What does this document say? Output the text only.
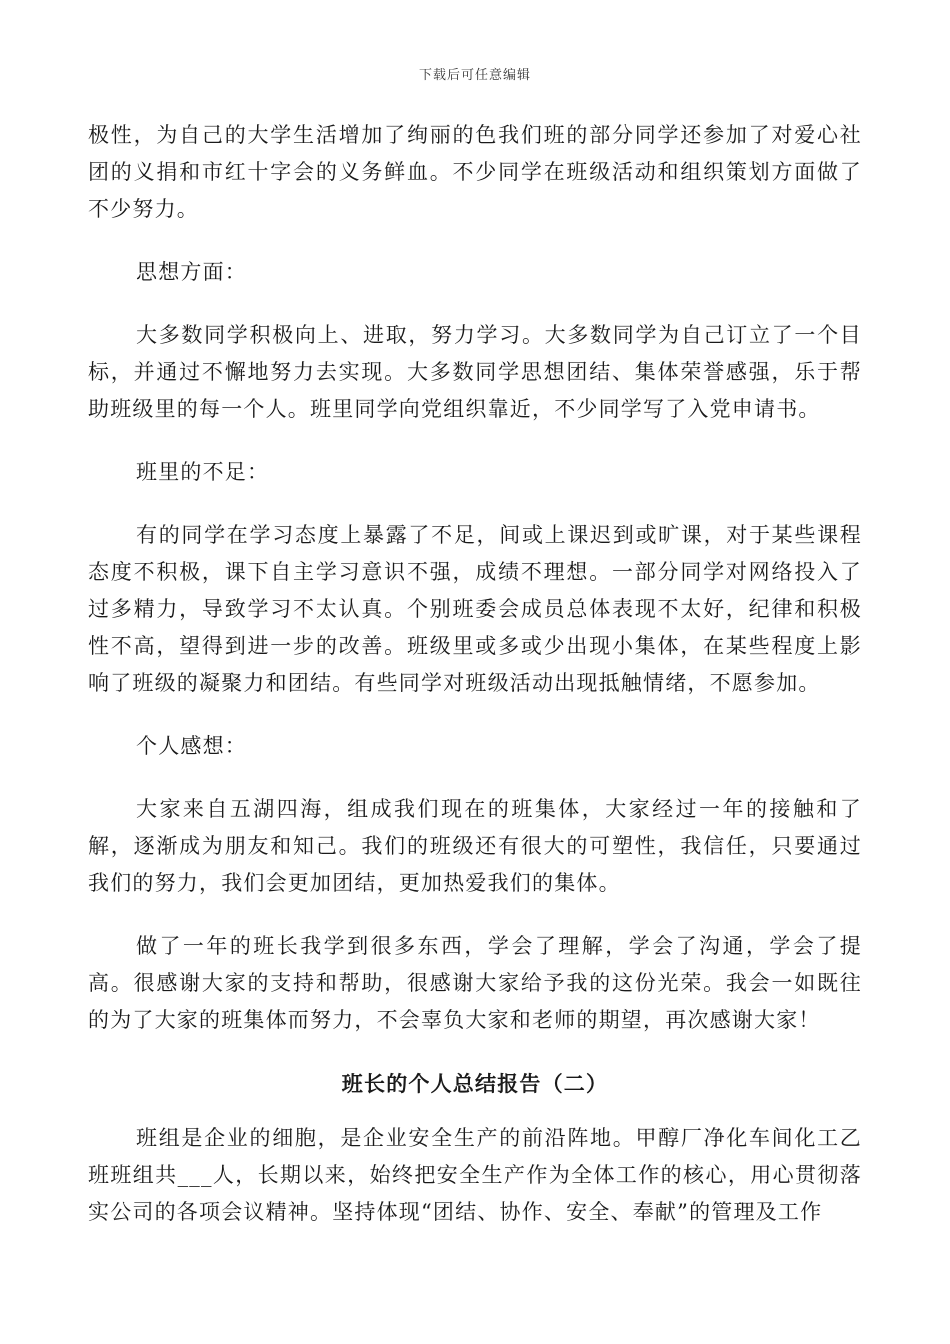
下载后可任意编辑

极性，为自己的大学生活增加了绚丽的色我们班的部分同学还参加了对爱心社团的义捐和市红十字会的义务鲜血。不少同学在班级活动和组织策划方面做了不少努力。

思想方面：

大多数同学积极向上、进取，努力学习。大多数同学为自己订立了一个目标，并通过不懈地努力去实现。大多数同学思想团结、集体荣誉感强，乐于帮助班级里的每一个人。班里同学向党组织靠近，不少同学写了入党申请书。

班里的不足：

有的同学在学习态度上暴露了不足，间或上课迟到或旷课，对于某些课程态度不积极，课下自主学习意识不强，成绩不理想。一部分同学对网络投入了过多精力，导致学习不太认真。个别班委会成员总体表现不太好，纪律和积极性不高，望得到进一步的改善。班级里或多或少出现小集体，在某些程度上影响了班级的凝聚力和团结。有些同学对班级活动出现抵触情绪，不愿参加。

个人感想：

大家来自五湖四海，组成我们现在的班集体，大家经过一年的接触和了解，逐渐成为朋友和知己。我们的班级还有很大的可塑性，我信任，只要通过我们的努力，我们会更加团结，更加热爱我们的集体。

做了一年的班长我学到很多东西，学会了理解，学会了沟通，学会了提高。很感谢大家的支持和帮助，很感谢大家给予我的这份光荣。我会一如既往的为了大家的班集体而努力，不会辜负大家和老师的期望，再次感谢大家！

班长的个人总结报告（二）

班组是企业的细胞，是企业安全生产的前沿阵地。甲醇厂净化车间化工乙班班组共___人，长期以来，始终把安全生产作为全体工作的核心，用心贯彻落实公司的各项会议精神。坚持体现“团结、协作、安全、奉献”的管理及工作
